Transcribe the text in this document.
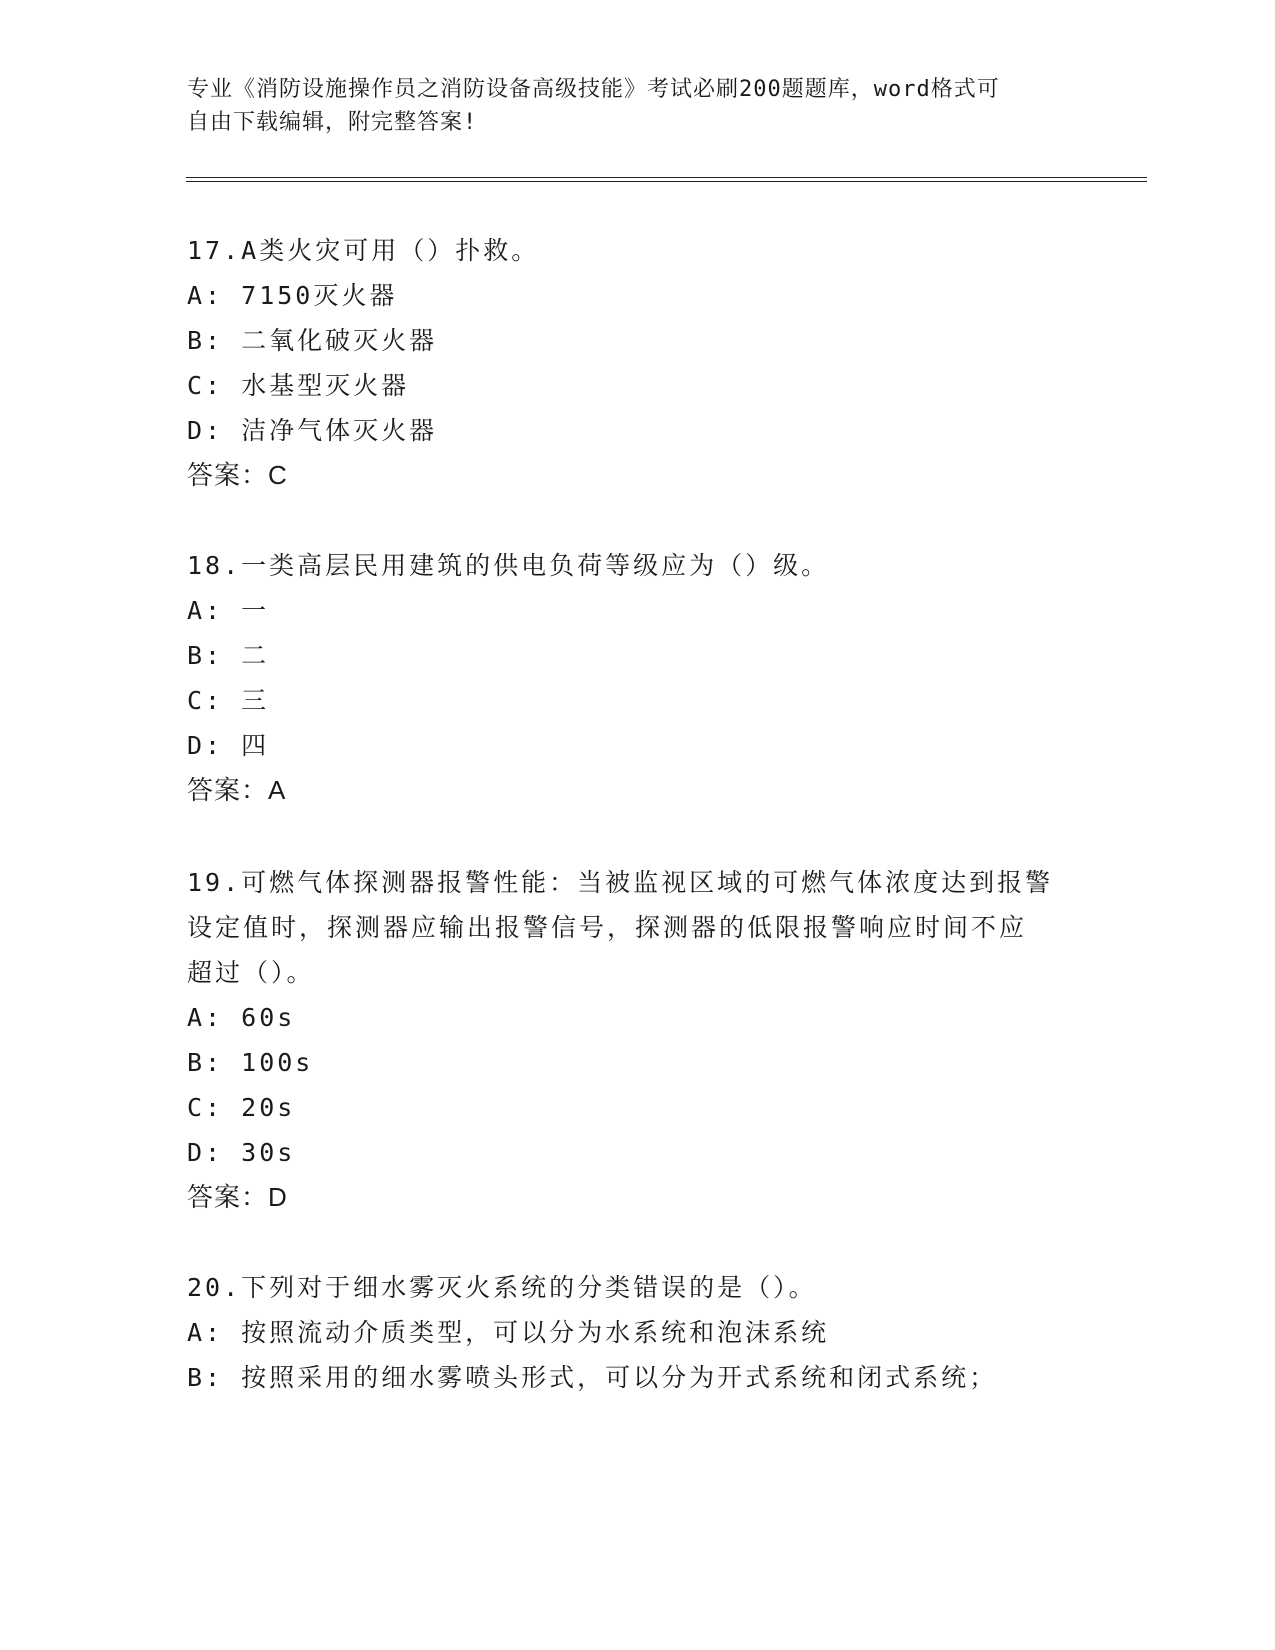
专业《消防设施操作员之消防设备高级技能》考试必刷200题题库，word格式可
自由下载编辑，附完整答案!
17.A类火灾可用（）扑救。
A: 7150灭火器
B: 二氧化破灭火器
C: 水基型灭火器
D: 洁净气体灭火器
答案：C
18.一类高层民用建筑的供电负荷等级应为（）级。
A: 一
B: 二
C: 三
D: 四
答案：A
19.可燃气体探测器报警性能：当被监视区域的可燃气体浓度达到报警
设定值时，探测器应输出报警信号，探测器的低限报警响应时间不应
超过（）。
A: 60s
B: 100s
C: 20s
D: 30s
答案：D
20.下列对于细水雾灭火系统的分类错误的是（）。
A: 按照流动介质类型，可以分为水系统和泡沫系统
B: 按照采用的细水雾喷头形式，可以分为开式系统和闭式系统；
